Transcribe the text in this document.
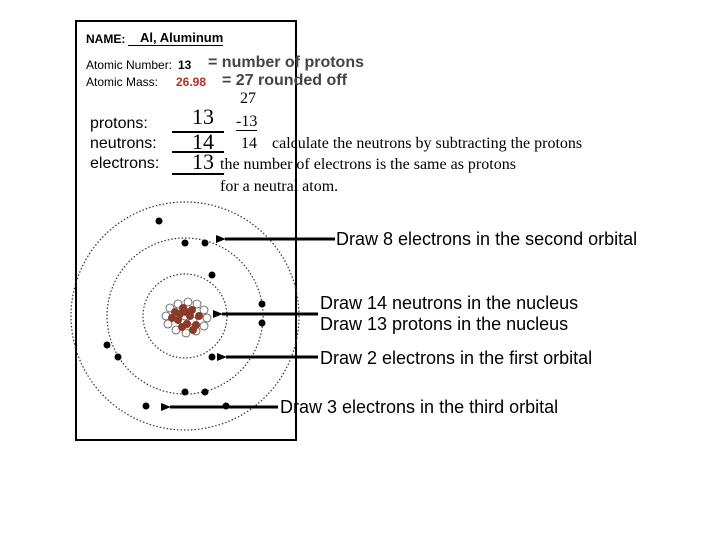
NAME:	Al, Aluminum
Atomic Number: 13 = number of protons
Atomic Mass: 26.98 = 27 rounded off
protons: 13
neutrons: 14
electrons: 13
27
-13
14 calculate the neutrons by subtracting the protons
the number of electrons is the same as protons
for a neutral atom.
Draw 8 electrons in the second orbital
Draw 14 neutrons in the nucleus
Draw 13 protons in the nucleus
Draw 2 electrons in the first orbital
Draw 3 electrons in the third orbital
